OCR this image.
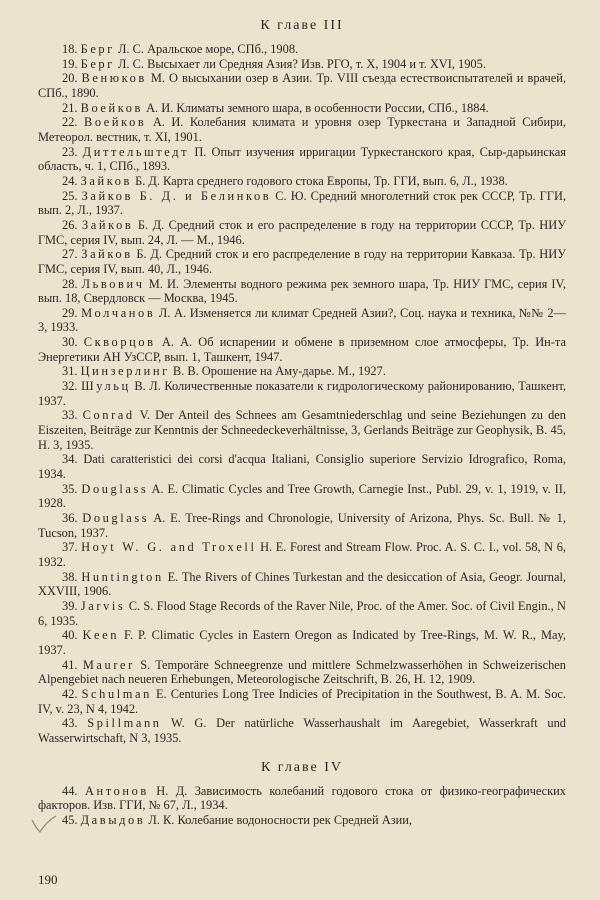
К главе III

18. Берг Л. С. Аральское море, СПб., 1908.

19. Берг Л. С. Высыхает ли Средняя Азия? Изв. РГО, т. X, 1904 и т. XVI, 1905.

20. Венюков М. О высыхании озер в Азии. Тр. VIII съезда естествоиспытателей и врачей, СПб., 1890.

21. Воейков А. И. Климаты земного шара, в особенности России, СПб., 1884.

22. Воейков А. И. Колебания климата и уровня озер Туркестана и Западной Сибири, Метеорол. вестник, т. XI, 1901.

23. Диттельштедт П. Опыт изучения ирригации Туркестанского края, Сыр-дарьинская область, ч. 1, СПб., 1893.

24. Зайков Б. Д. Карта среднего годового стока Европы, Тр. ГГИ, вып. 6, Л., 1938.

25. Зайков Б. Д. и Белинков С. Ю. Средний многолетний сток рек СССР, Тр. ГГИ, вып. 2, Л., 1937.

26. Зайков Б. Д. Средний сток и его распределение в году на территории СССР, Тр. НИУ ГМС, серия IV, вып. 24, Л. — М., 1946.

27. Зайков Б. Д. Средний сток и его распределение в году на территории Кавказа. Тр. НИУ ГМС, серия IV, вып. 40, Л., 1946.

28. Львович М. И. Элементы водного режима рек земного шара, Тр. НИУ ГМС, серия IV, вып. 18, Свердловск — Москва, 1945.

29. Молчанов Л. А. Изменяется ли климат Средней Азии?, Соц. наука и техника, №№ 2—3, 1933.

30. Скворцов А. А. Об испарении и обмене в приземном слое атмосферы, Тр. Ин-та Энергетики АН УзССР, вып. 1, Ташкент, 1947.

31. Цинзерлинг В. В. Орошение на Аму-дарье. М., 1927.

32. Шульц В. Л. Количественные показатели к гидрологическому районированию, Ташкент, 1937.

33. Conrad V. Der Anteil des Schnees am Gesamtniederschlag und seine Beziehungen zu den Eiszeiten, Beiträge zur Kenntnis der Schneedeckeverhältnisse, 3, Gerlands Beiträge zur Geophysik, B. 45, H. 3, 1935.

34. Dati caratteristici dei corsi d'acqua Italiani, Consiglio superiore Servizio Idrografico, Roma, 1934.

35. Douglass A. E. Climatic Cycles and Tree Growth, Carnegie Inst., Publ. 29, v. 1, 1919, v. II, 1928.

36. Douglass A. E. Tree-Rings and Chronologie, University of Arizona, Phys. Sc. Bull. № 1, Tucson, 1937.

37. Hoyt W. G. and Troxell H. E. Forest and Stream Flow. Proc. A. S. C. I., vol. 58, N 6, 1932.

38. Huntington E. The Rivers of Chines Turkestan and the desiccation of Asia, Geogr. Journal, XXVIII, 1906.

39. Jarvis C. S. Flood Stage Records of the Raver Nile, Proc. of the Amer. Soc. of Civil Engin., N 6, 1935.

40. Keen F. P. Climatic Cycles in Eastern Oregon as Indicated by Tree-Rings, M. W. R., May, 1937.

41. Maurer S. Temporäre Schneegrenze und mittlere Schmelzwasserhöhen in Schweizerischen Alpengebiet nach neueren Erhebungen, Meteorologische Zeitschrift, B. 26, H. 12, 1909.

42. Schulman E. Centuries Long Tree Indicies of Precipitation in the Southwest, B. A. M. Soc. IV, v. 23, N 4, 1942.

43. Spillmann W. G. Der natürliche Wasserhaushalt im Aaregebiet, Wasserkraft und Wasserwirtschaft, N 3, 1935.

К главе IV

44. Антонов Н. Д. Зависимость колебаний годового стока от физико-географических факторов. Изв. ГГИ, № 67, Л., 1934.

45. Давыдов Л. К. Колебание водоносности рек Средней Азии,

190
